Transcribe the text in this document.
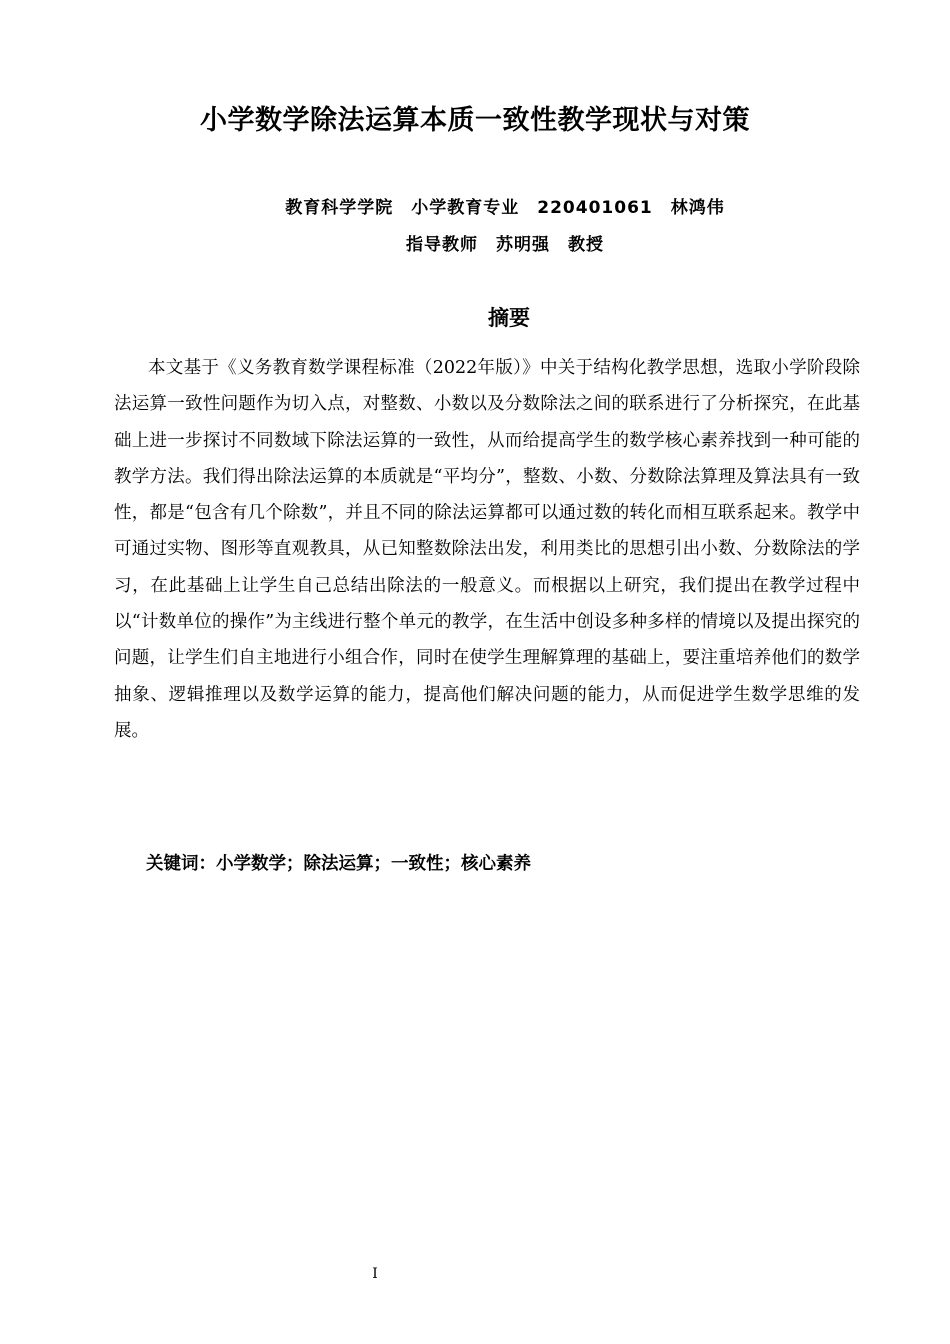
小学数学除法运算本质一致性教学现状与对策
教育科学学院 小学教育专业 220401061 林鸿伟
指导教师 苏明强 教授
摘要

本文基于《义务教育数学课程标准（2022年版）》中关于结构化教学思想，选取小学阶段除法运算一致性问题作为切入点，对整数、小数以及分数除法之间的联系进行了分析探究，在此基础上进一步探讨不同数域下除法运算的一致性，从而给提高学生的数学核心素养找到一种可能的教学方法。我们得出除法运算的本质就是“平均分”，整数、小数、分数除法算理及算法具有一致性，都是“包含有几个除数”，并且不同的除法运算都可以通过数的转化而相互联系起来。教学中可通过实物、图形等直观教具，从已知整数除法出发，利用类比的思想引出小数、分数除法的学习，在此基础上让学生自己总结出除法的一般意义。而根据以上研究，我们提出在教学过程中以“计数单位的操作”为主线进行整个单元的教学，在生活中创设多种多样的情境以及提出探究的问题，让学生们自主地进行小组合作，同时在使学生理解算理的基础上，要注重培养他们的数学抽象、逻辑推理以及数学运算的能力，提高他们解决问题的能力，从而促进学生数学思维的发展。

关键词：小学数学；除法运算；一致性；核心素养
I
